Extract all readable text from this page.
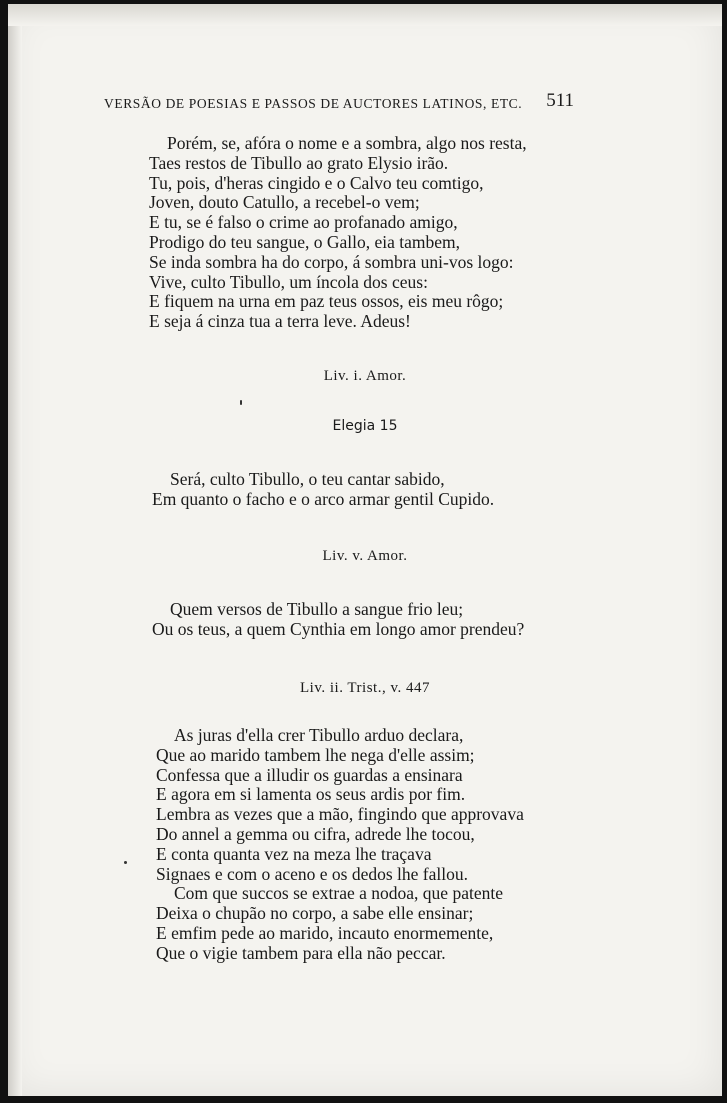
VERSÃO DE POESIAS E PASSOS DE AUCTORES LATINOS, ETC. 511
Porém, se, afóra o nome e a sombra, algo nos resta,
Taes restos de Tibullo ao grato Elysio irão.
Tu, pois, d'heras cingido e o Calvo teu comtigo,
Joven, douto Catullo, a recebel-o vem;
E tu, se é falso o crime ao profanado amigo,
Prodigo do teu sangue, o Gallo, eia tambem,
Se inda sombra ha do corpo, á sombra uni-vos logo:
Vive, culto Tibullo, um íncola dos ceus:
E fiquem na urna em paz teus ossos, eis meu rôgo;
E seja á cinza tua a terra leve. Adeus!
Liv. i. Amor.
Elegia 15
Será, culto Tibullo, o teu cantar sabido,
Em quanto o facho e o arco armar gentil Cupido.
Liv. v. Amor.
Quem versos de Tibullo a sangue frio leu;
Ou os teus, a quem Cynthia em longo amor prendeu?
Liv. ii. Trist., v. 447
As juras d'ella crer Tibullo arduo declara,
Que ao marido tambem lhe nega d'elle assim;
Confessa que a illudir os guardas a ensinara
E agora em si lamenta os seus ardis por fim.
Lembra as vezes que a mão, fingindo que approvava
Do annel a gemma ou cifra, adrede lhe tocou,
E conta quanta vez na meza lhe traçava
Signaes e com o aceno e os dedos lhe fallou.
Com que succos se extrae a nodoa, que patente
Deixa o chupão no corpo, a sabe elle ensinar;
E emfim pede ao marido, incauto enormemente,
Que o vigie tambem para ella não peccar.
